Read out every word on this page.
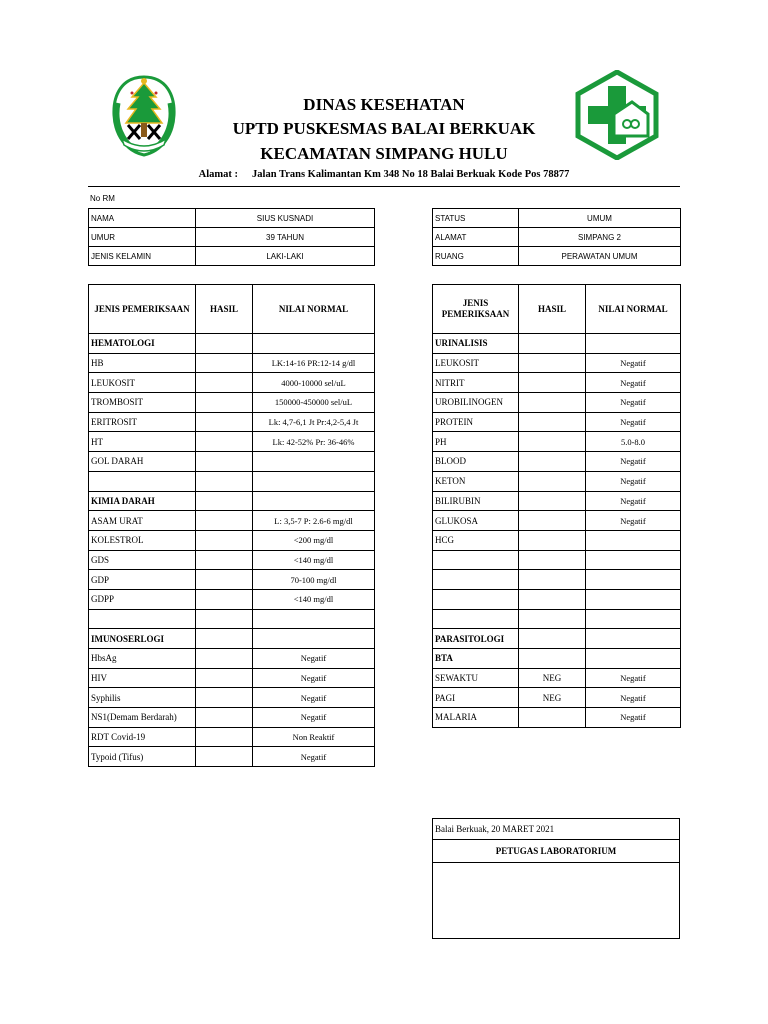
DINAS KESEHATAN
UPTD PUSKESMAS BALAI BERKUAK
KECAMATAN SIMPANG HULU
Alamat : Jalan Trans Kalimantan Km 348 No 18 Balai Berkuak Kode Pos 78877
No RM
NAMA	SIUS KUSNADI
UMUR	39 TAHUN
JENIS KELAMIN	LAKI-LAKI
STATUS	UMUM
ALAMAT	SIMPANG 2
RUANG	PERAWATAN UMUM
JENIS PEMERIKSAAN	HASIL	NILAI NORMAL
HEMATOLOGI		
HB		LK:14-16 PR:12-14 g/dl
LEUKOSIT		4000-10000 sel/uL
TROMBOSIT		150000-450000 sel/uL
ERITROSIT		Lk: 4,7-6,1 Jt Pr:4,2-5,4 Jt
HT		Lk: 42-52% Pr: 36-46%
GOL DARAH		

KIMIA DARAH		
ASAM URAT		L: 3,5-7 P: 2.6-6 mg/dl
KOLESTROL		<200 mg/dl
GDS		<140 mg/dl
GDP		70-100 mg/dl
GDPP		<140 mg/dl

IMUNOSERLOGI		
HbsAg		Negatif
HIV		Negatif
Syphilis		Negatif
NS1(Demam Berdarah)		Negatif
RDT Covid-19		Non Reaktif
Typoid (Tifus)		Negatif
JENIS PEMERIKSAAN	HASIL	NILAI NORMAL
URINALISIS		
LEUKOSIT		Negatif
NITRIT		Negatif
UROBILINOGEN		Negatif
PROTEIN		Negatif
PH		5.0-8.0
BLOOD		Negatif
KETON		Negatif
BILIRUBIN		Negatif
GLUKOSA		Negatif
HCG		

PARASITOLOGI		
BTA		
SEWAKTU	NEG	Negatif
PAGI	NEG	Negatif
MALARIA		Negatif
Balai Berkuak, 20 MARET 2021
PETUGAS LABORATORIUM
